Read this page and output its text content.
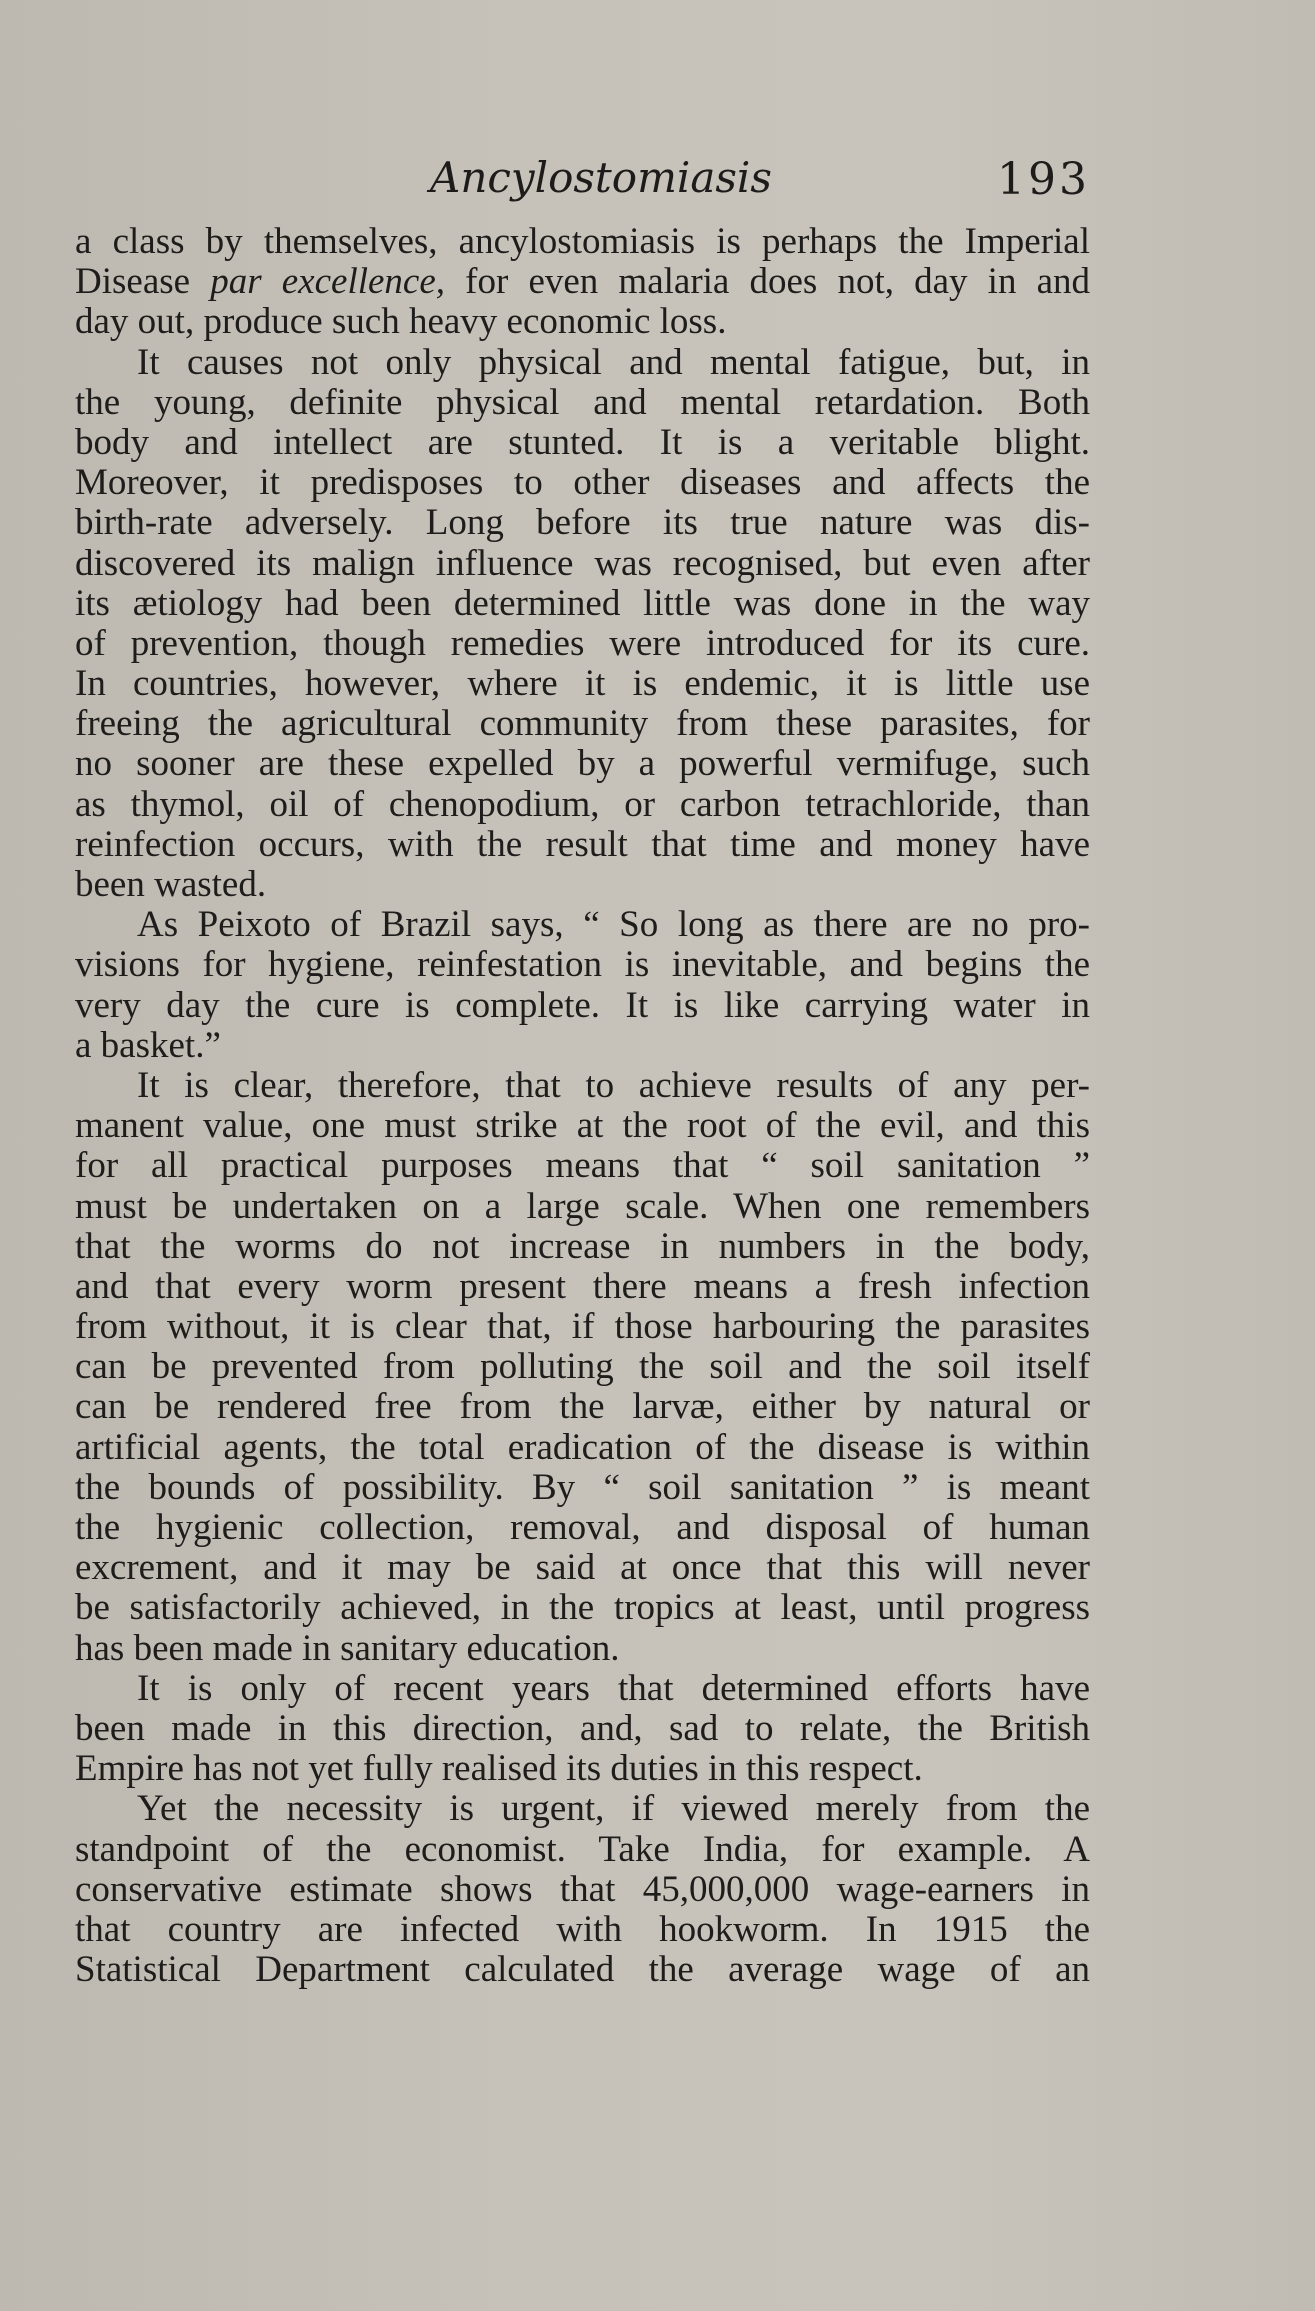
Ancylostomiasis	193
a class by themselves, ancylostomiasis is perhaps the Imperial
Disease par excellence, for even malaria does not, day in and
day out, produce such heavy economic loss.
It causes not only physical and mental fatigue, but, in
the young, definite physical and mental retardation. Both
body and intellect are stunted. It is a veritable blight.
Moreover, it predisposes to other diseases and affects the
birth-rate adversely. Long before its true nature was dis-
discovered its malign influence was recognised, but even after
its ætiology had been determined little was done in the way
of prevention, though remedies were introduced for its cure.
In countries, however, where it is endemic, it is little use
freeing the agricultural community from these parasites, for
no sooner are these expelled by a powerful vermifuge, such
as thymol, oil of chenopodium, or carbon tetrachloride, than
reinfection occurs, with the result that time and money have
been wasted.
As Peixoto of Brazil says, “ So long as there are no pro-
visions for hygiene, reinfestation is inevitable, and begins the
very day the cure is complete. It is like carrying water in
a basket.”
It is clear, therefore, that to achieve results of any per-
manent value, one must strike at the root of the evil, and this
for all practical purposes means that “ soil sanitation ”
must be undertaken on a large scale. When one remembers
that the worms do not increase in numbers in the body,
and that every worm present there means a fresh infection
from without, it is clear that, if those harbouring the parasites
can be prevented from polluting the soil and the soil itself
can be rendered free from the larvæ, either by natural or
artificial agents, the total eradication of the disease is within
the bounds of possibility. By “ soil sanitation ” is meant
the hygienic collection, removal, and disposal of human
excrement, and it may be said at once that this will never
be satisfactorily achieved, in the tropics at least, until progress
has been made in sanitary education.
It is only of recent years that determined efforts have
been made in this direction, and, sad to relate, the British
Empire has not yet fully realised its duties in this respect.
Yet the necessity is urgent, if viewed merely from the
standpoint of the economist. Take India, for example. A
conservative estimate shows that 45,000,000 wage-earners in
that country are infected with hookworm. In 1915 the
Statistical Department calculated the average wage of an
